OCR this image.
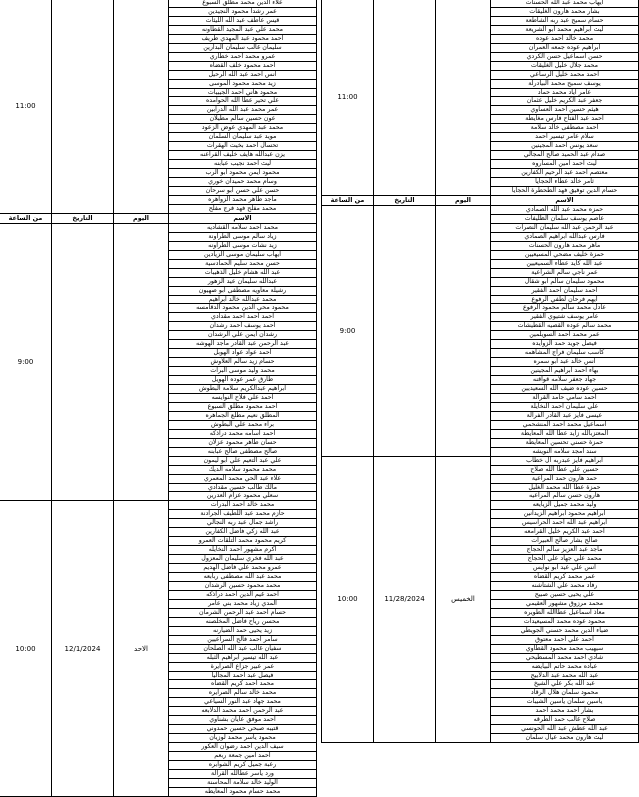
ايهاب محمد عبد الله الحسنات			11:00
بشار محمد هارون الغليقات			
حسام سميح عبد ربه الشاطعة			
ليث ابراهيم محمد ابو الشريعة			
محمد خالد احمد عوده			
ابراهيم عوده جمعه العمران			
حسن اسماعيل حسن الكردي			
محمد جلال خليل الغليقات			
احمد محمد خليل الرساعي			
يوسف سميح محمد البيادرلة			
عامر اياد محمد حماد			
جعفر عبد الكريم خليل عثمان			
هيثم حسين احمد العساوي			
احمد عبد الفتاح فارس مغايطة			
احمد مصطفى خالد سلامة			
سلام عامر تيسير احمد			
سعد يونس احمد المجينين			
صدام عبد الحميد صالح المجالي			
ليث احمد امين المساروه			
معتصم احمد عبد الرحيم الكفارين			
ثامر خالد عطاء الحجايا			
حسام الدين توفيق فهد الطحطرة الحجايا			
الاسم	اليوم	التاريخ	من الساعة
حمزه محمد عبد الله الصمادي			9:00
عاصم يوسف سلمان الظليفات			
عبد الرحمن عبد الله سليمان النصرات			
فارس عبدالله ابراهيم الصمادي			
ماهر محمد هارون الحسنات			
حمزة خليف مضحي المسيعيين			
عبد الله كايد عطاء السميعيين			
عمر ناجي سالم الشراعية			
محمود سليمان سالم ابو شقال			
احمد سليمان احمد الفقير			
ايهم فرحان لطفي الرفوع			
عادل محمد سالم محمود الرفوع			
عامر يوسف شتيوي الفقير			
محمد سالم عوده القصيه القطيشات			
عمر محمد احمد السويلمين			
فيصل جويد حمد الزوايده			
كاسب سليمان فراج المشاهمه			
انس خالد عبد ابو سمره			
بهاء احمد ابراهيم المجينين			
جهاد جعفر سلامه قواقنه			
حسين عوده ضيف الله السعيديين			
احمد سامي حامد القرالة			
علي سليمان احمد النخايلة			
عيسى فايز عبد القادر الفرالة			
اسماعيل محمد احمد المنشحمي			
المعتزبالله زايد عطا الله المعايطة			
حمزة حسني تحسين المعايطة			
سند امجد سلامه النويشه			
ابراهيم فايز عبدربه ال خطاب	الخميس	11/28/2024	10:00
حسين علي عطا الله صلاح			
حمد هارون حمد المراعية			
حمزة عطا الله محمد الغليل			
هارون حسن سالم المراعيه			
وليد محمد جميل الزيايعه			
ابراهيم محمود ابراهيم الزيدانين			
ابراهيم عبد الله احمد الحراسيس			
احمد عبد الكريم خليل القرامعه			
صالح بشار صالح العبيرات			
ماجد عبد العزيز سالم الحجاج			
محمد علي جهاد علي الحجاج			
انس علي عيد ابو نوايس			
عمر محمد كريم القضاه			
رفاد محمد علي الشتاشنه			
علي يحيى حسين صبيح			
محمد مرزوق مشهور العقيمي			
معاذ اسماعيل عطاالله الطويره			
محمود عوده محمد المسيعيدات			
ضياء الدين محمد حسني الجويطي			
احمد علي احمد معتوق			
سيهيب محمد محمود القطاوي			
شادي احمد محمد المسطيحي			
عباده محمد حاتم البيايضه			
عبد الله محمد عبد الدلابيح			
عبد الله بكر علي الشيخ			
محمود سلمان هلال الرقاد			
ياسين سلمان ياسين الشيبات			
بشار احمد محمد احمد			
صلاح غالب حمد الطرقه			
عبد الله عطش عبد الله الحونسي			
ليث هارون محمد عيال سلمان			
علاء الدين محمد مطلق السبوع			11:00
عمر رشدا محمود النجيدين			
قيس عاطف عبد الله الليثات			
محمد علي عبد المجيد القطاونه			
احمد محمود عبد المهدي طريف			
سليمان غالب سليمان البدارين			
عمرو محمد احمد خطاري			
احمد محمود خلف القضاه			
انس احمد عبد الله الرحيل			
زيد محمد محمود الموسى			
محمود هاني احمد الجيبيات			
علي تحير عطا الله الحوامده			
عمر محمد عبد الله الدرابين			
عون حسين سالم مطيلان			
محمد عبد المهدي عوض الزعود			
مويد عبد سليمان السلمان			
تحسال احمد بخيت الهقرات			
يزن عبدالله هايف خليف القراعنه			
ليث احمد نجيب عبابنه			
محمود ايمن محمود ابو الرب			
وسام محمد حمیدان خوري			
حسن علي حسن ابو سرحان			
ماجد طاهر محمد الزواهره			
محمد مفلح فهد فرج مفلح			
الاسم	اليوم	التاريخ	من الساعة
محمد احمد سلامه القشاديه			9:00
زياد سالم موسى الطراونة			
زيد نشأت موسى الطراونه			
ايهاب سليمان موسى الزيادين			
حسن محمد سليم الحمادسية			
عبد الله هشام خليل الذهيبات			
عبدالله سليمان عيد الزهور			
رشيلة معاويه مصطفى ابو صهيون			
محمد عبدالله خالد ابراهيم			
محمود محي الدين محمود الدقامسه			
احمد احمد احمد مقدادي			
احمد يوسف احمد رشدان			
رشدان ايمن علي الرشدان			
عبد الرحمن عبد القادر ماجد الهوشه			
احمد عواد عواد الهوبل			
حسام زيد سالم العلاوش			
محمد وليد موسى البرات			
طارق عمر عوده الهويل			
ابراهيم عبدالكريم سلامة البطوش			
احمد علي فلاح النوايسه			
احمد محمود مطلق السبوع			
المطلق نعيم مطلع الجماهره			
براء محمد علي البطوش			
احمد اسامه محمد دراذكه			
حسان طاهر محمود عزلان			
صالح مصطفى صالح عبابنه			
علي عبد التعيم علي ابو ليمون			
محمد محمود سلامه الديك			
علاء عبد الحي محمد المعمري			
مالك طالب حسين مقدادي			
سعلي محمود عزام العدرين			
محمد خالد احمد البدرات	الاحد	12/1/2024	10:00
حازم محمد عبد اللطيف الجرادنة			
راشد جمال عبد ربه النجالي			
عبد الله زكي فاضل الكفارين			
كريم محمود محمد التلقات العمرو			
اكرم مشهور احمد النخايله			
عبد الله فخري سليمان المعزول			
عمرو محمد علي فاضل الهديم			
محمد عبد الله مصطفى ربابعه			
محمد محمود حسين الرشدان			
احمد غيم الدين احمد دراذكه			
المدي زياد محمد بني عامر			
حسام احمد عبد الرحمن الشرمان			
محسن رياح فاضل المخلصنه			
زيد يحيى حمد الضيارنه			
سامر احمد فالح السراعيين			
سفيان غالب عبد الله الصلحان			
عبد الله تيسير ابراهيم الثبله			
عمر عبير جزاع الصرايرة			
فيصل عبد احمد المجاليا			
محمد احمد كريم القضاه			
محمد خالد سالم الصرايره			
محمد جهاد عبد النور السياعي			
عبد الرحمن احمد محمد الدلابعه			
احمد موفق عايان بشناوي			
قتيبه صبحي حسين حمدوني			
محمود ياسر محمد لوزيان			
سيف الدين احمد رضوان العكور			
احمد امين جمعة ربعم			
رعبة جميل كريم الشوابره			
ورد ياسر عطالله القرالة			
الوليد خالد سلامة المحاسنة			
محمد حسام محمود المعايطه			
